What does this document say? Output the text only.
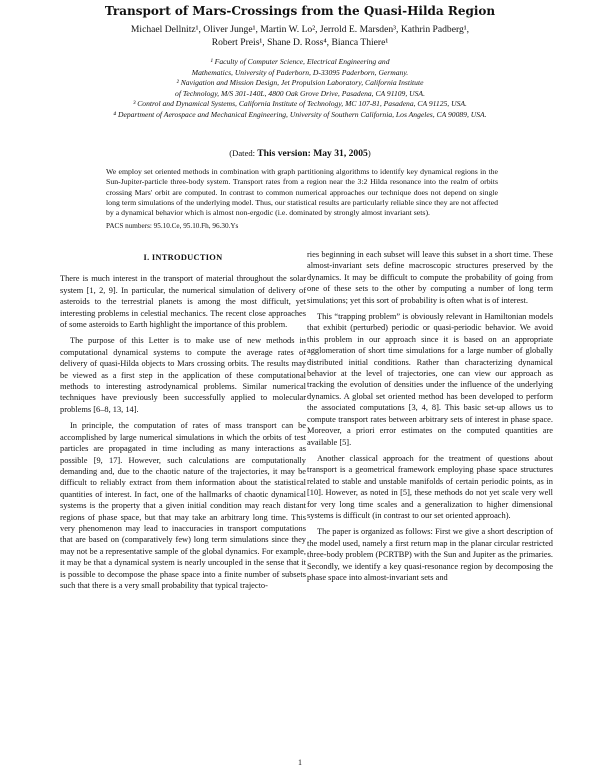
Transport of Mars-Crossings from the Quasi-Hilda Region
Michael Dellnitz¹, Oliver Junge¹, Martin W. Lo², Jerrold E. Marsden³, Kathrin Padberg¹,
Robert Preis¹, Shane D. Ross⁴, Bianca Thiere¹
¹ Faculty of Computer Science, Electrical Engineering and
Mathematics, University of Paderborn, D-33095 Paderborn, Germany.
² Navigation and Mission Design, Jet Propulsion Laboratory, California Institute
of Technology, M/S 301-140L, 4800 Oak Grove Drive, Pasadena, CA 91109, USA.
³ Control and Dynamical Systems, California Institute of Technology, MC 107-81, Pasadena, CA 91125, USA.
⁴ Department of Aerospace and Mechanical Engineering, University of Southern California, Los Angeles, CA 90089, USA.
(Dated: This version: May 31, 2005)
We employ set oriented methods in combination with graph partitioning algorithms to identify key dynamical regions in the Sun-Jupiter-particle three-body system. Transport rates from a region near the 3:2 Hilda resonance into the realm of orbits crossing Mars' orbit are computed. In contrast to common numerical approaches our technique does not depend on single long term simulations of the underlying model. Thus, our statistical results are particularly reliable since they are not affected by a dynamical behavior which is almost non-ergodic (i.e. dominated by strongly almost invariant sets).
PACS numbers: 95.10.Ce, 95.10.Fh, 96.30.Ys
I. INTRODUCTION

There is much interest in the transport of material throughout the solar system [1, 2, 9]. In particular, the numerical simulation of delivery of asteroids to the terrestrial planets is among the most difficult, yet interesting problems in celestial mechanics. The recent close approaches of some asteroids to Earth highlight the importance of this problem.

The purpose of this Letter is to make use of new methods in computational dynamical systems to compute the average rates of delivery of quasi-Hilda objects to Mars crossing orbits. The results may be viewed as a first step in the application of these computational methods to interesting astrodynamical problems. Similar numerical techniques have previously been successfully applied to molecular problems [6–8, 13, 14].

In principle, the computation of rates of mass transport can be accomplished by large numerical simulations in which the orbits of test particles are propagated in time including as many interactions as possible [9, 17]. However, such calculations are computationally demanding and, due to the chaotic nature of the trajectories, it may be difficult to reliably extract from them information about the statistical quantities of interest. In fact, one of the hallmarks of chaotic dynamical systems is the property that a given initial condition may reach distant regions of phase space, but that may take an arbitrary long time. This very phenomenon may lead to inaccuracies in transport computations that are based on (comparatively few) long term simulations since they may not be a representative sample of the global dynamics. For example, it may be that a dynamical system is nearly uncoupled in the sense that it is possible to decompose the phase space into a finite number of subsets such that there is a very small probability that typical trajecto-

ries beginning in each subset will leave this subset in a short time. These almost-invariant sets define macroscopic structures preserved by the dynamics. It may be difficult to compute the probability of going from one of these sets to the other by computing a number of long term simulations; yet this sort of probability is often what is of interest.

This “trapping problem” is obviously relevant in Hamiltonian models that exhibit (perturbed) periodic or quasi-periodic behavior. We avoid this problem in our approach since it is based on an appropriate agglomeration of short time simulations for a large number of globally distributed initial conditions. Rather than characterizing dynamical behavior at the level of trajectories, one can view our approach as tracking the evolution of densities under the influence of the underlying dynamics. A global set oriented method has been developed to perform the associated computations [3, 4, 8]. This basic set-up allows us to compute transport rates between arbitrary sets of interest in phase space. Moreover, a priori error estimates on the computed quantities are available [5].

Another classical approach for the treatment of questions about transport is a geometrical framework employing phase space structures related to stable and unstable manifolds of certain periodic points, as in [10]. However, as noted in [5], these methods do not yet scale very well for very long time scales and a generalization to higher dimensional systems is difficult (in contrast to our set oriented approach).

The paper is organized as follows: First we give a short description of the model used, namely a first return map in the planar circular restricted three-body problem (PCRTBP) with the Sun and Jupiter as the primaries. Secondly, we identify a key quasi-resonance region by decomposing the phase space into almost-invariant sets and

1
